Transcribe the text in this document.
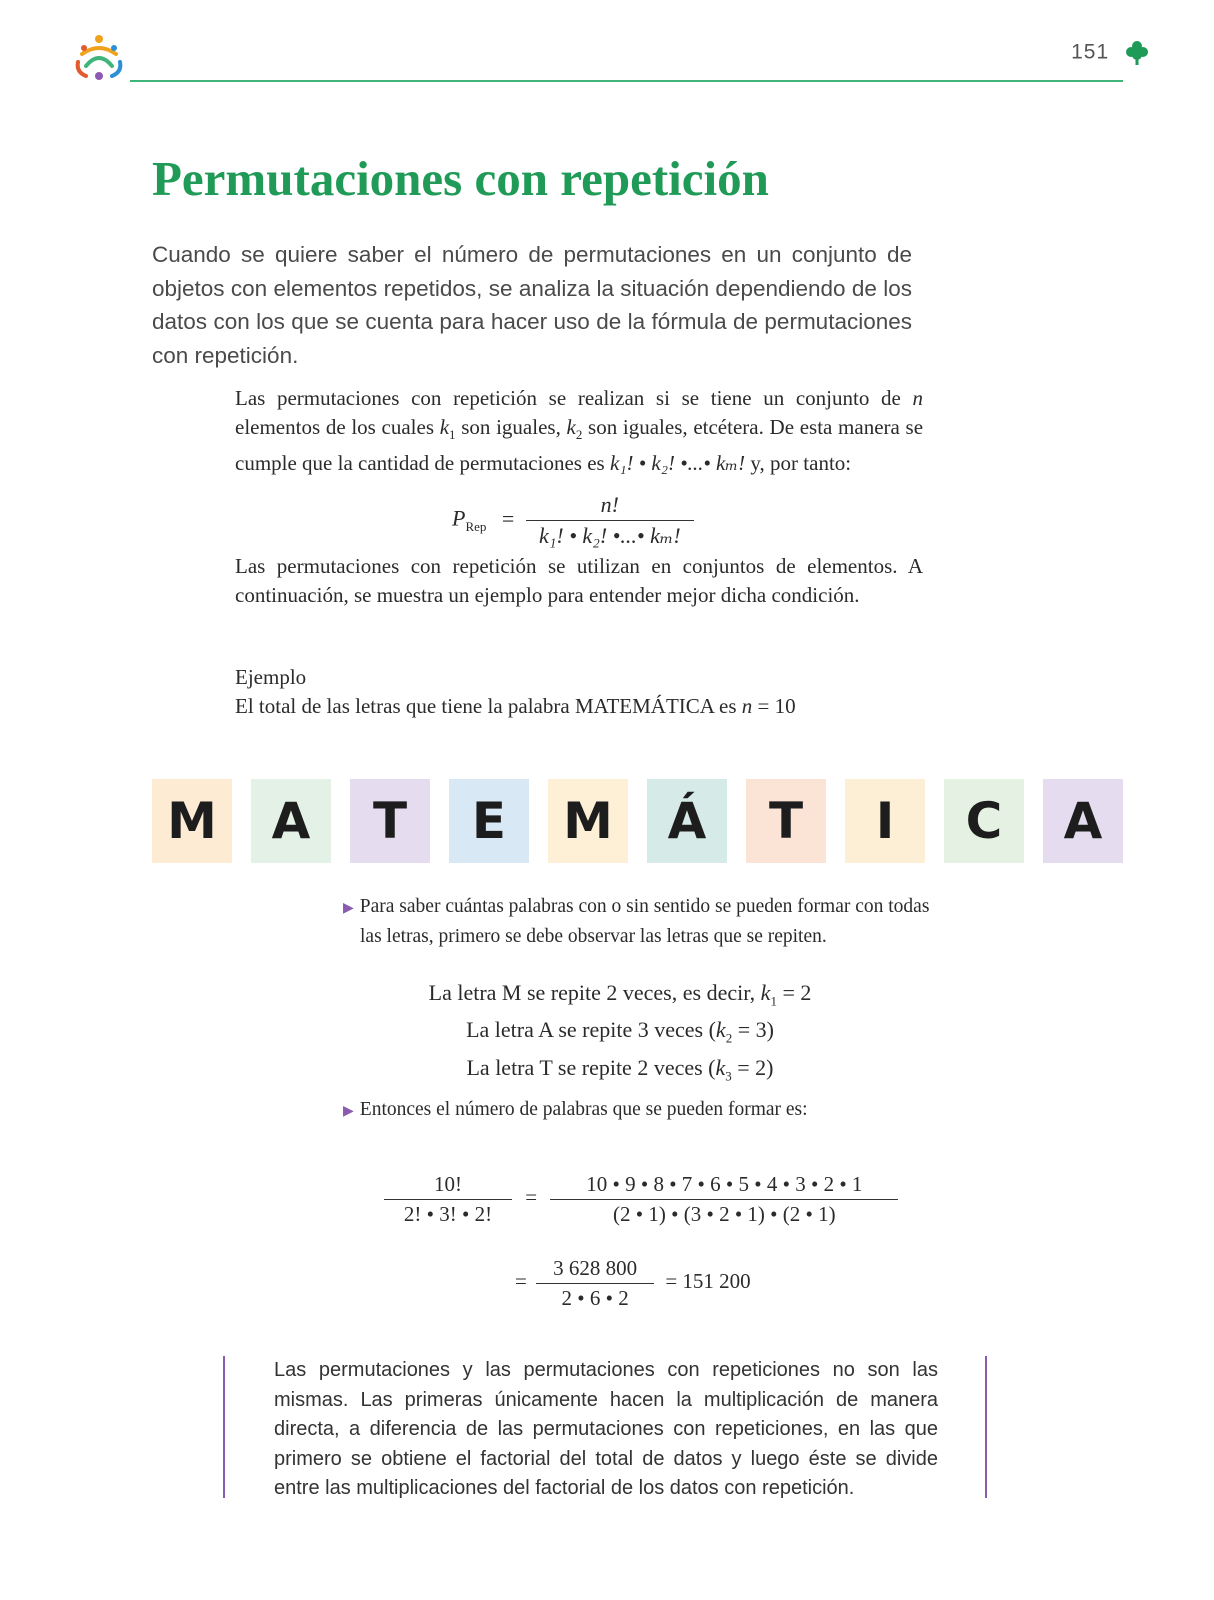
151
Permutaciones con repetición
Cuando se quiere saber el número de permutaciones en un conjunto de objetos con elementos repetidos, se analiza la situación dependiendo de los datos con los que se cuenta para hacer uso de la fórmula de permutaciones con repetición.

Las permutaciones con repetición se realizan si se tiene un conjunto de n elementos de los cuales $k_1$ son iguales, $k_2$ son iguales, etcétera. De esta manera se cumple que la cantidad de permutaciones es k₁! • k₂! •...• kₘ! y, por tanto:

$P_{Rep} = \frac{n!}{\text{k₁! • k₂! •...• kₘ!}}$
Las permutaciones con repetición se utilizan en conjuntos de elementos. A continuación, se muestra un ejemplo para entender mejor dicha condición.
Ejemplo
El total de las letras que tiene la palabra MATEMÁTICA es n = 10
M	A	T	E	M	Á	T	I	C	A
▶ Para saber cuántas palabras con o sin sentido se pueden formar con todas
las letras, primero se debe observar las letras que se repiten.
La letra M se repite 2 veces, es decir, $k_1 = 2$
La letra A se repite 3 veces $(k_2 = 3)$
La letra T se repite 2 veces $(k_3 = 2)$
▶ Entonces el número de palabras que se pueden formar es:
$\frac{10!}{2! • 3! • 2!} = \frac{10 • 9 • 8 • 7 • 6 • 5 • 4 • 3 • 2 • 1}{(2 • 1) • (3 • 2 • 1) • (2 • 1)}$
= $\frac{3 628 800}{2 • 6 • 2} = 151$ 200
Las permutaciones y las permutaciones con repeticiones no son las mismas. Las primeras únicamente hacen la multiplicación de manera directa, a diferencia de las permutaciones con repeticiones, en las que primero se obtiene el factorial del total de datos y luego éste se divide entre las multiplicaciones del factorial de los datos con repetición.
